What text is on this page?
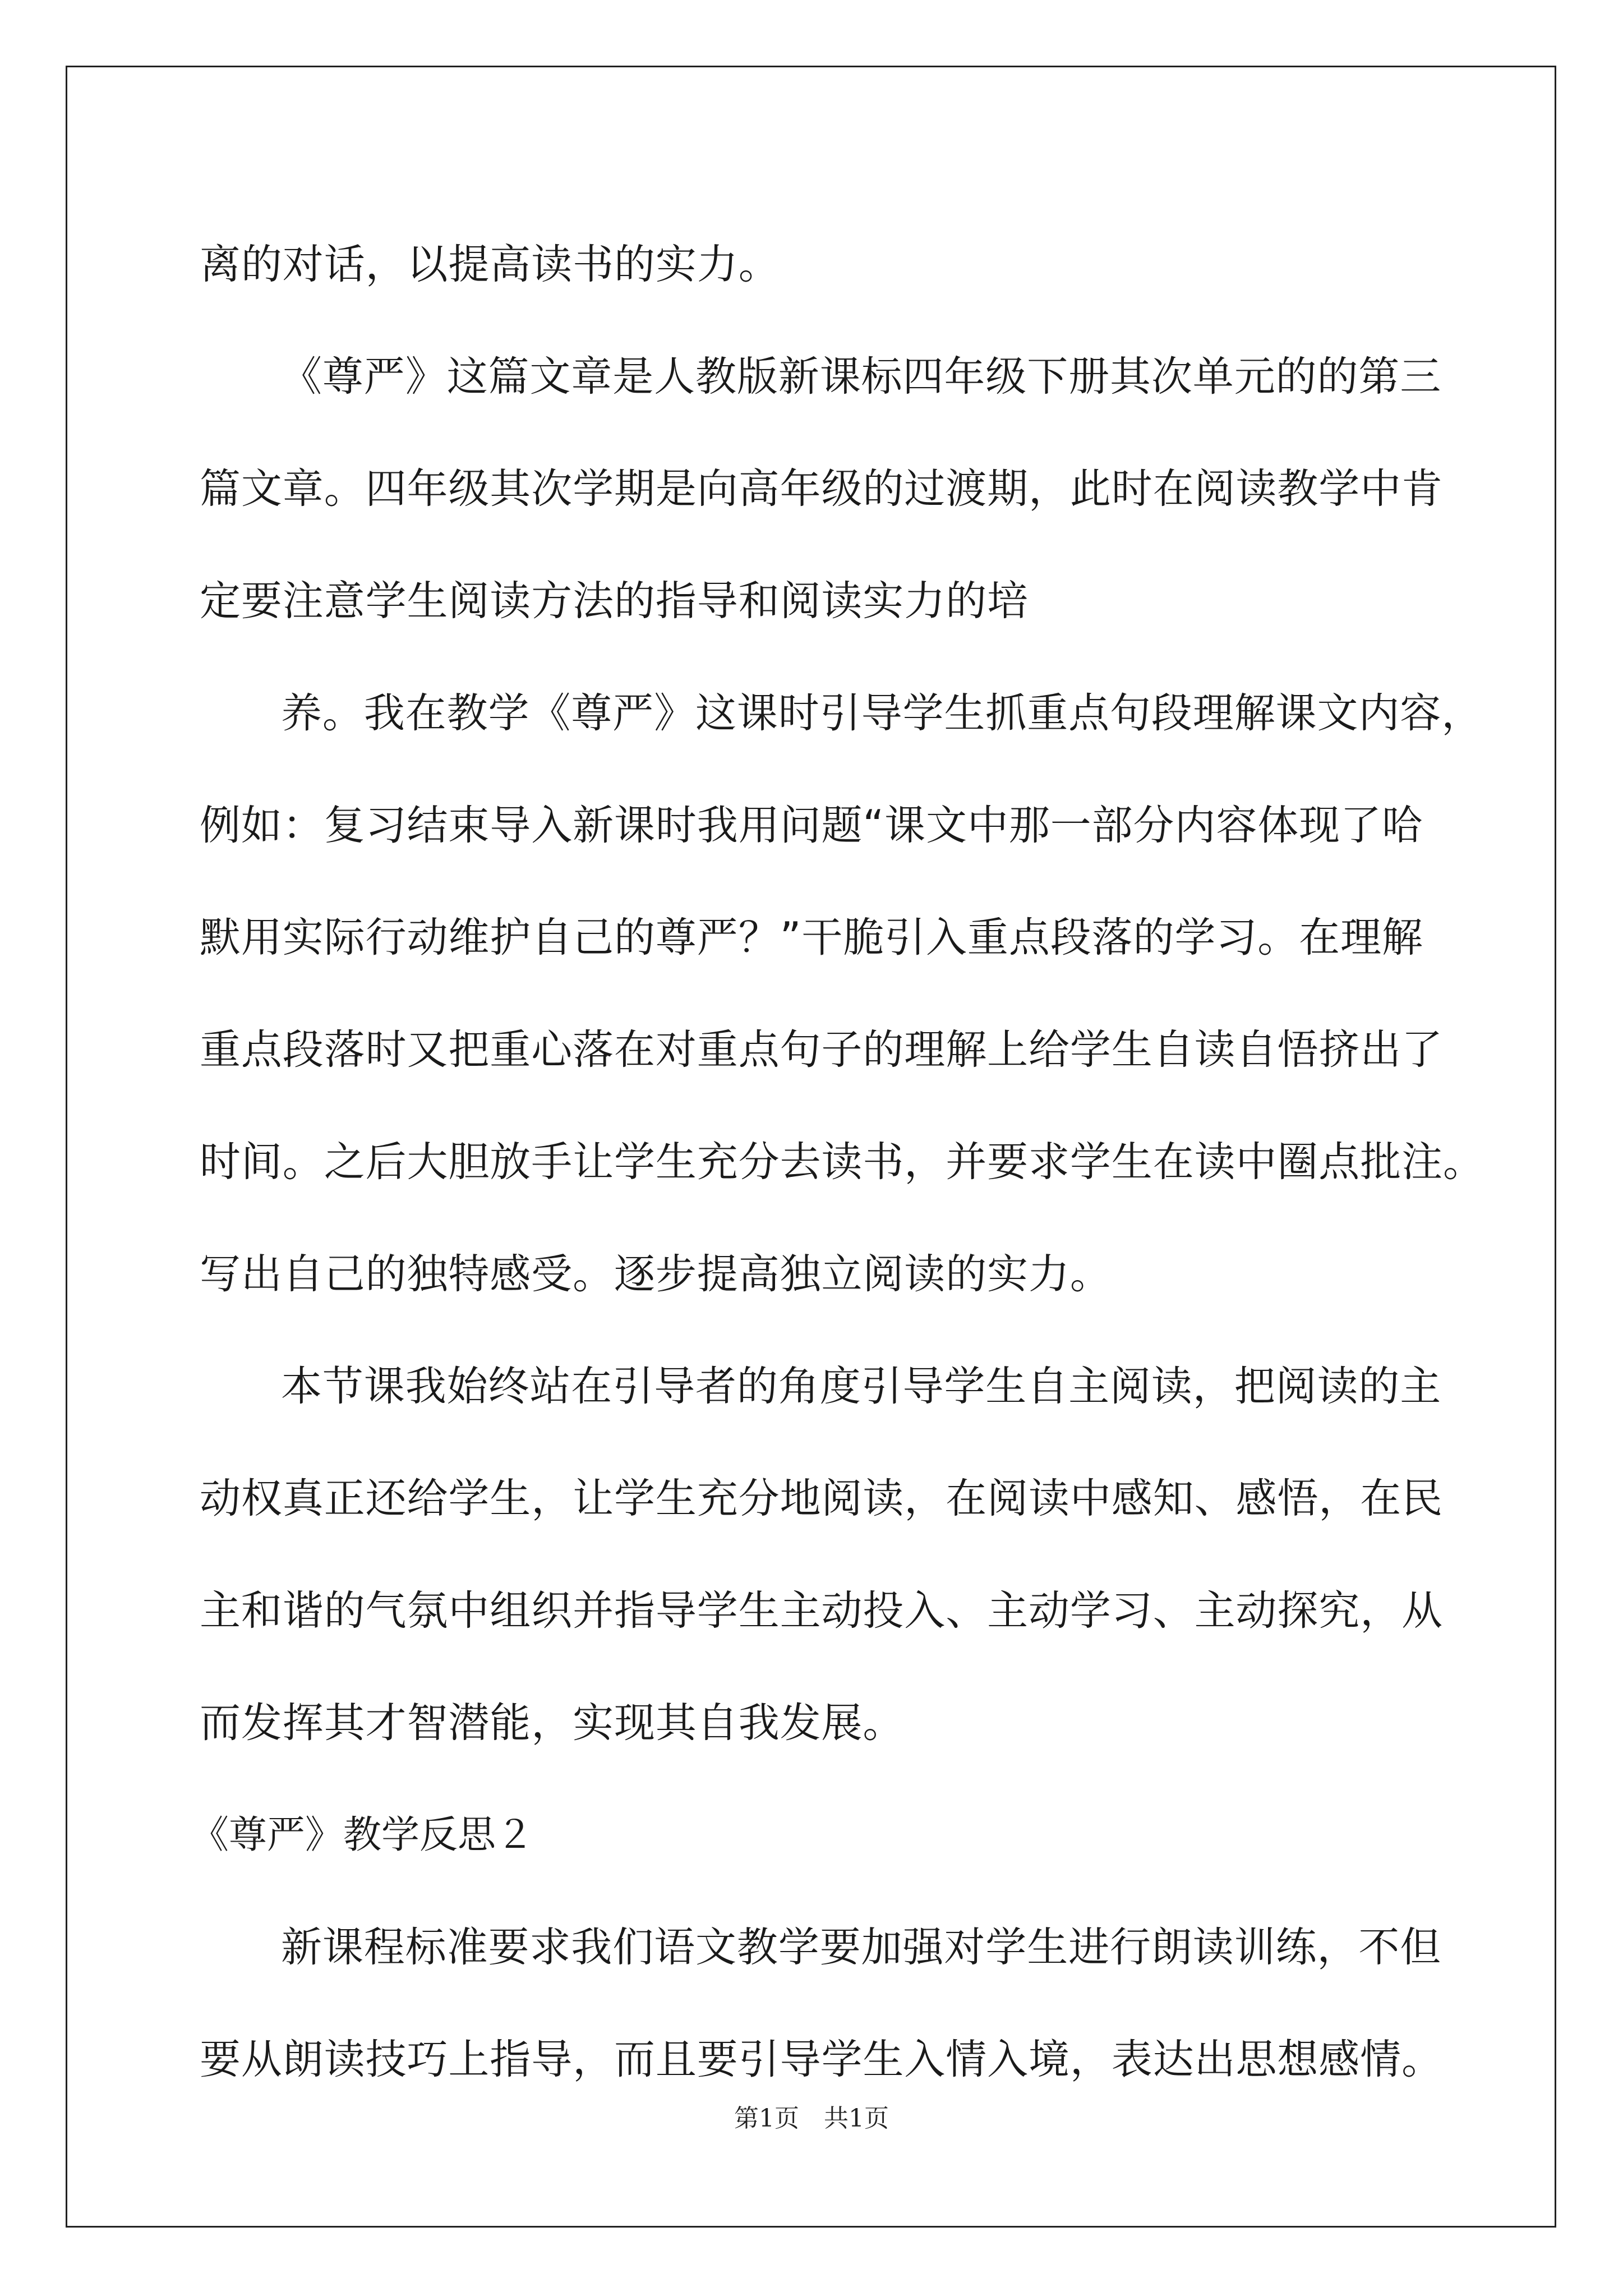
离的对话，以提高读书的实力。
《尊严》这篇文章是人教版新课标四年级下册其次单元的的第三
篇文章。四年级其次学期是向高年级的过渡期，此时在阅读教学中肯
定要注意学生阅读方法的指导和阅读实力的培
养。我在教学《尊严》这课时引导学生抓重点句段理解课文内容，
例如：复习结束导入新课时我用问题“课文中那一部分内容体现了哈
默用实际行动维护自己的尊严？”干脆引入重点段落的学习。在理解
重点段落时又把重心落在对重点句子的理解上给学生自读自悟挤出了
时间。之后大胆放手让学生充分去读书，并要求学生在读中圈点批注。
写出自己的独特感受。逐步提高独立阅读的实力。
本节课我始终站在引导者的角度引导学生自主阅读，把阅读的主
动权真正还给学生，让学生充分地阅读，在阅读中感知、感悟，在民
主和谐的气氛中组织并指导学生主动投入、主动学习、主动探究，从
而发挥其才智潜能，实现其自我发展。
《尊严》教学反思２
新课程标准要求我们语文教学要加强对学生进行朗读训练，不但
要从朗读技巧上指导，而且要引导学生入情入境，表达出思想感情。
第1页　共1页
